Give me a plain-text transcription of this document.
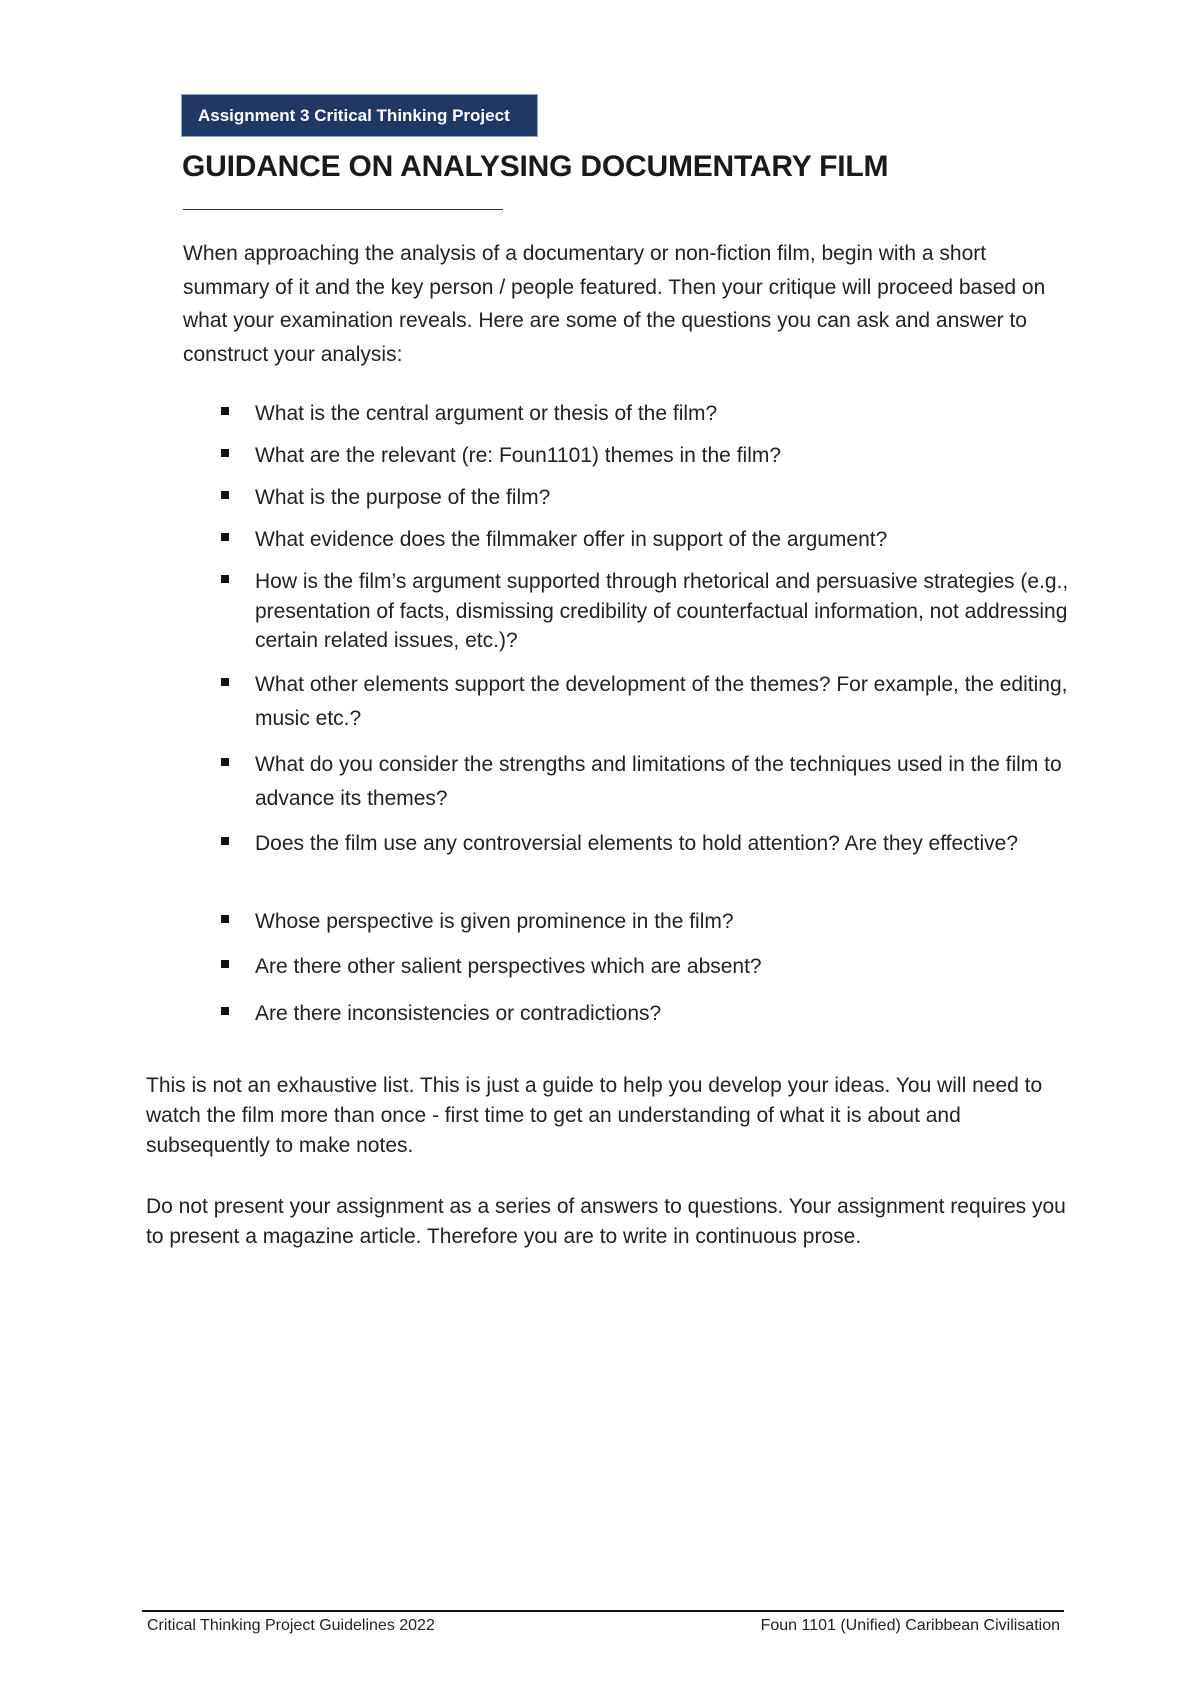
Assignment 3 Critical Thinking Project
GUIDANCE ON ANALYSING DOCUMENTARY FILM

When approaching the analysis of a documentary or non-fiction film, begin with a short summary of it and the key person / people featured. Then your critique will proceed based on what your examination reveals. Here are some of the questions you can ask and answer to construct your analysis:

What is the central argument or thesis of the film?
What are the relevant (re: Foun1101) themes in the film?
What is the purpose of the film?
What evidence does the filmmaker offer in support of the argument?
How is the film’s argument supported through rhetorical and persuasive strategies (e.g., presentation of facts, dismissing credibility of counterfactual information, not addressing certain related issues, etc.)?
What other elements support the development of the themes? For example, the editing, music etc.?
What do you consider the strengths and limitations of the techniques used in the film to advance its themes?
Does the film use any controversial elements to hold attention? Are they effective?
Whose perspective is given prominence in the film?
Are there other salient perspectives which are absent?
Are there inconsistencies or contradictions?

This is not an exhaustive list. This is just a guide to help you develop your ideas. You will need to watch the film more than once - first time to get an understanding of what it is about and subsequently to make notes.

Do not present your assignment as a series of answers to questions. Your assignment requires you to present a magazine article. Therefore you are to write in continuous prose.

Critical Thinking Project Guidelines 2022	Foun 1101 (Unified) Caribbean Civilisation
